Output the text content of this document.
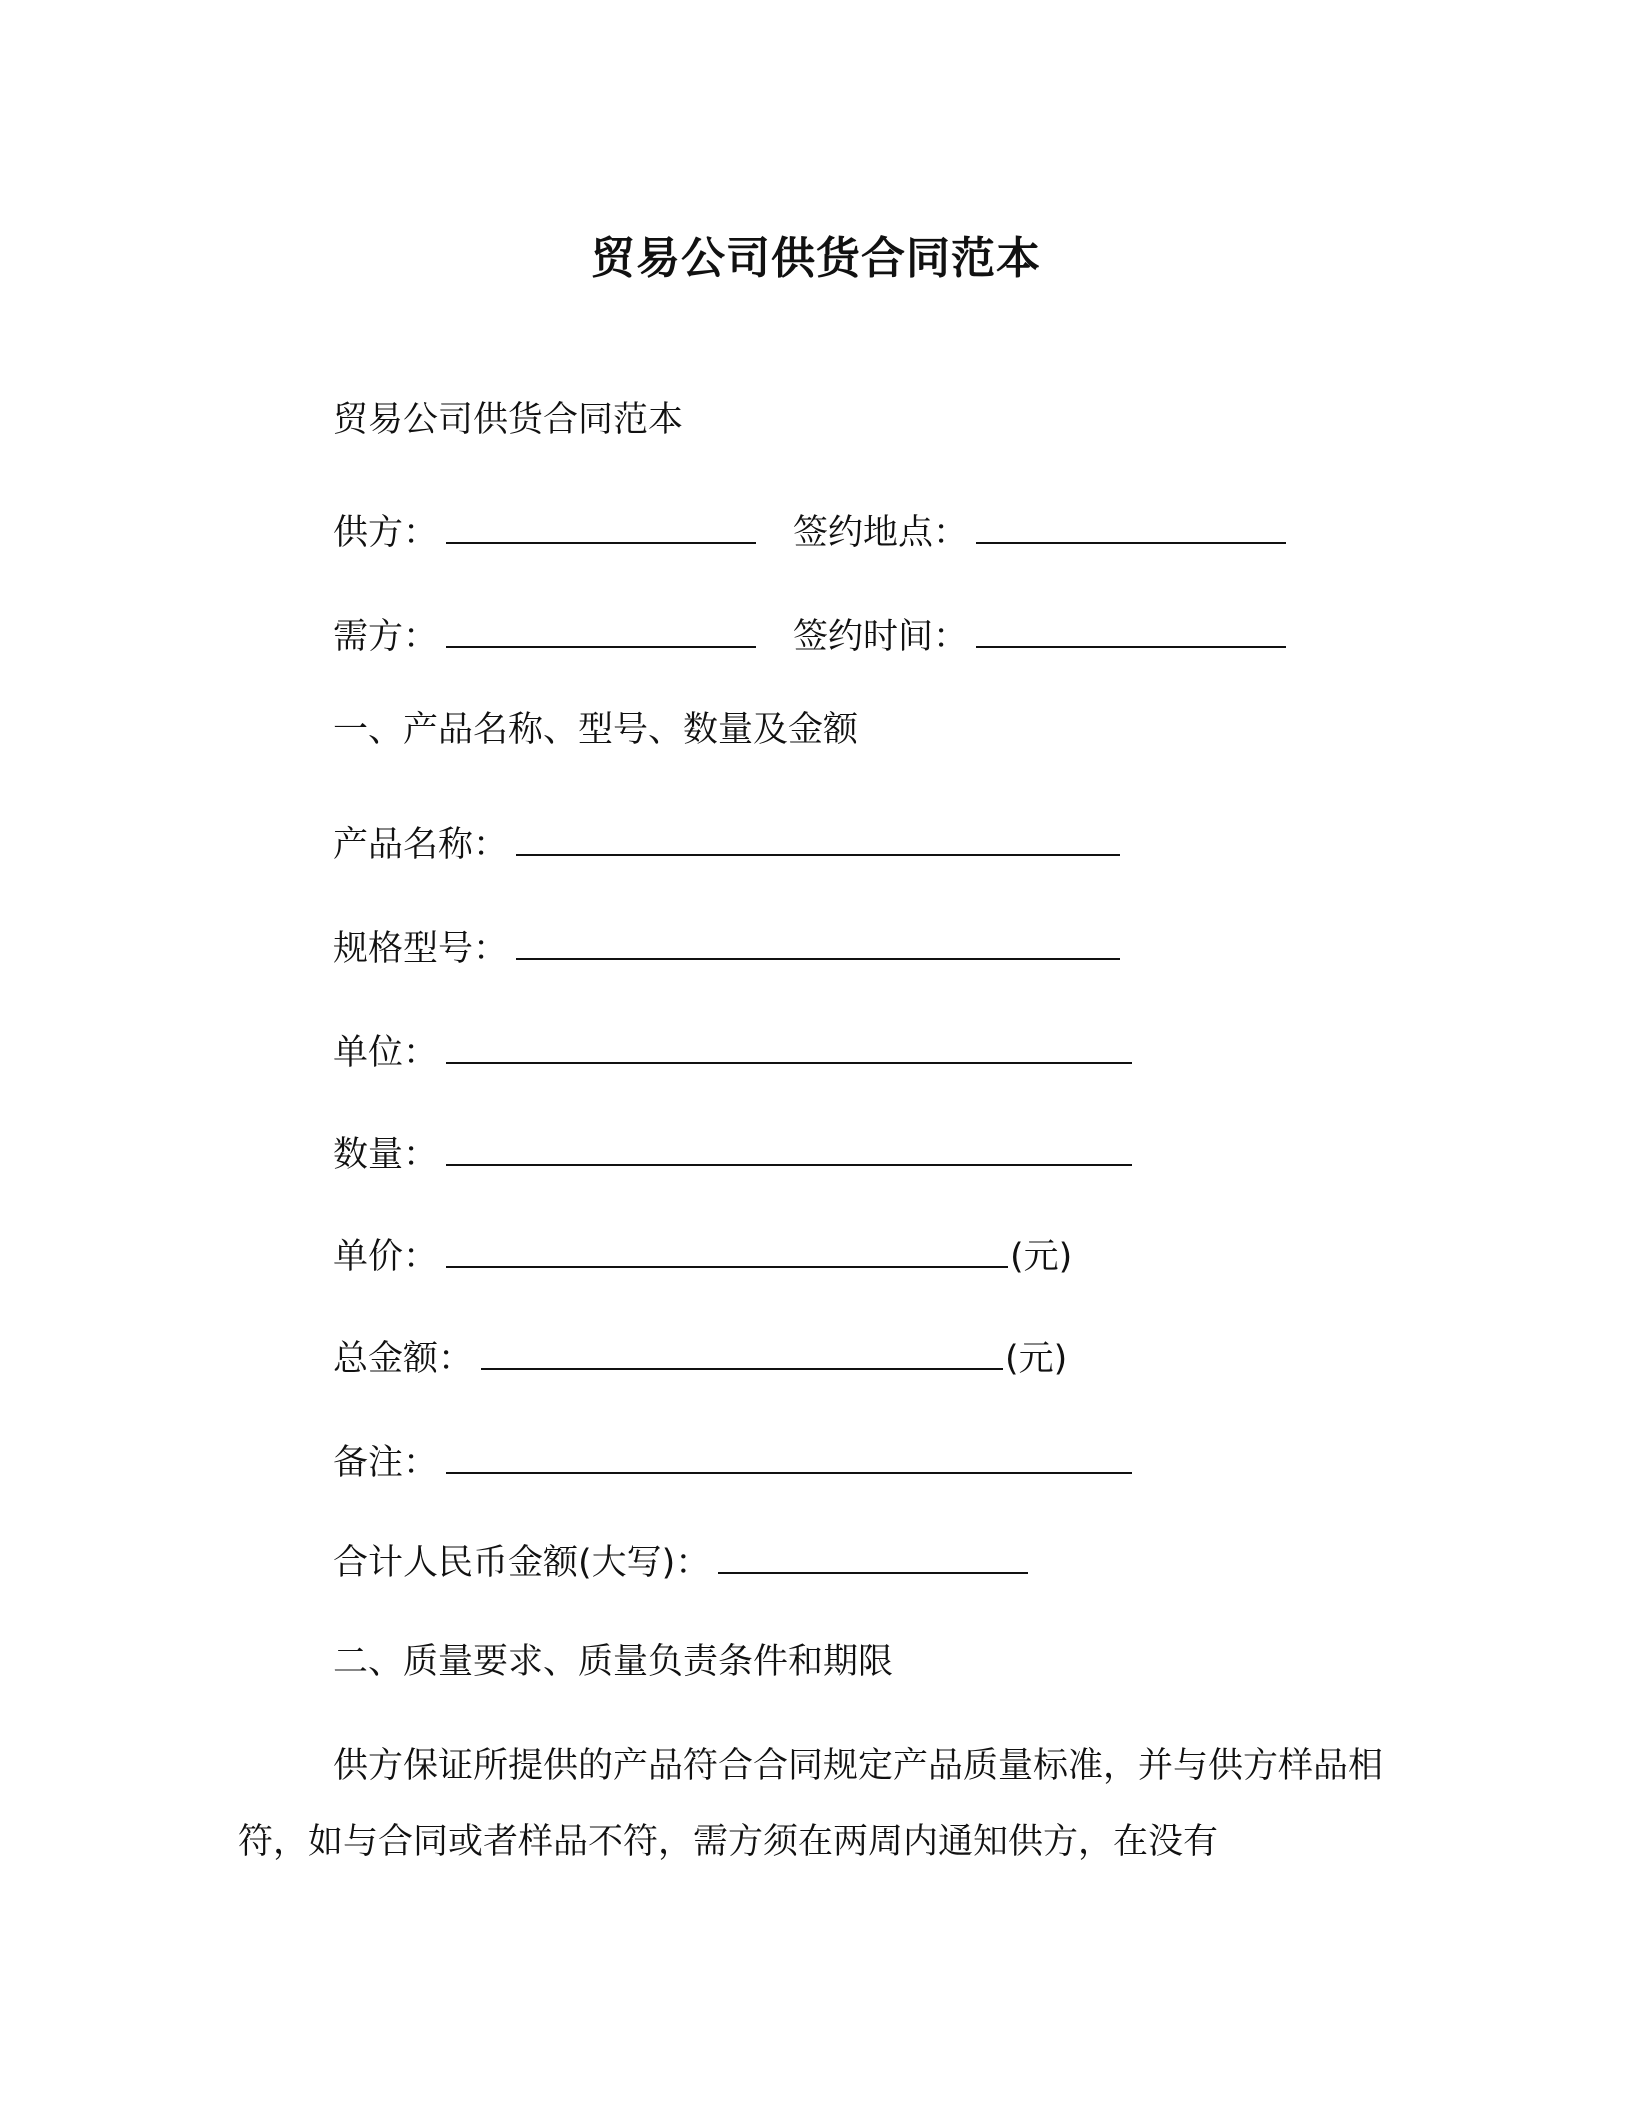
贸易公司供货合同范本
贸易公司供货合同范本
供方：	签约地点：
需方：	签约时间：
一、产品名称、型号、数量及金额
产品名称：
规格型号：
单位：
数量：
单价：	(元)
总金额：	(元)
备注：
合计人民币金额(大写)：
二、质量要求、质量负责条件和期限
供方保证所提供的产品符合合同规定产品质量标准，并与供方样品相符，如与合同或者样品不符，需方须在两周内通知供方，在没有
